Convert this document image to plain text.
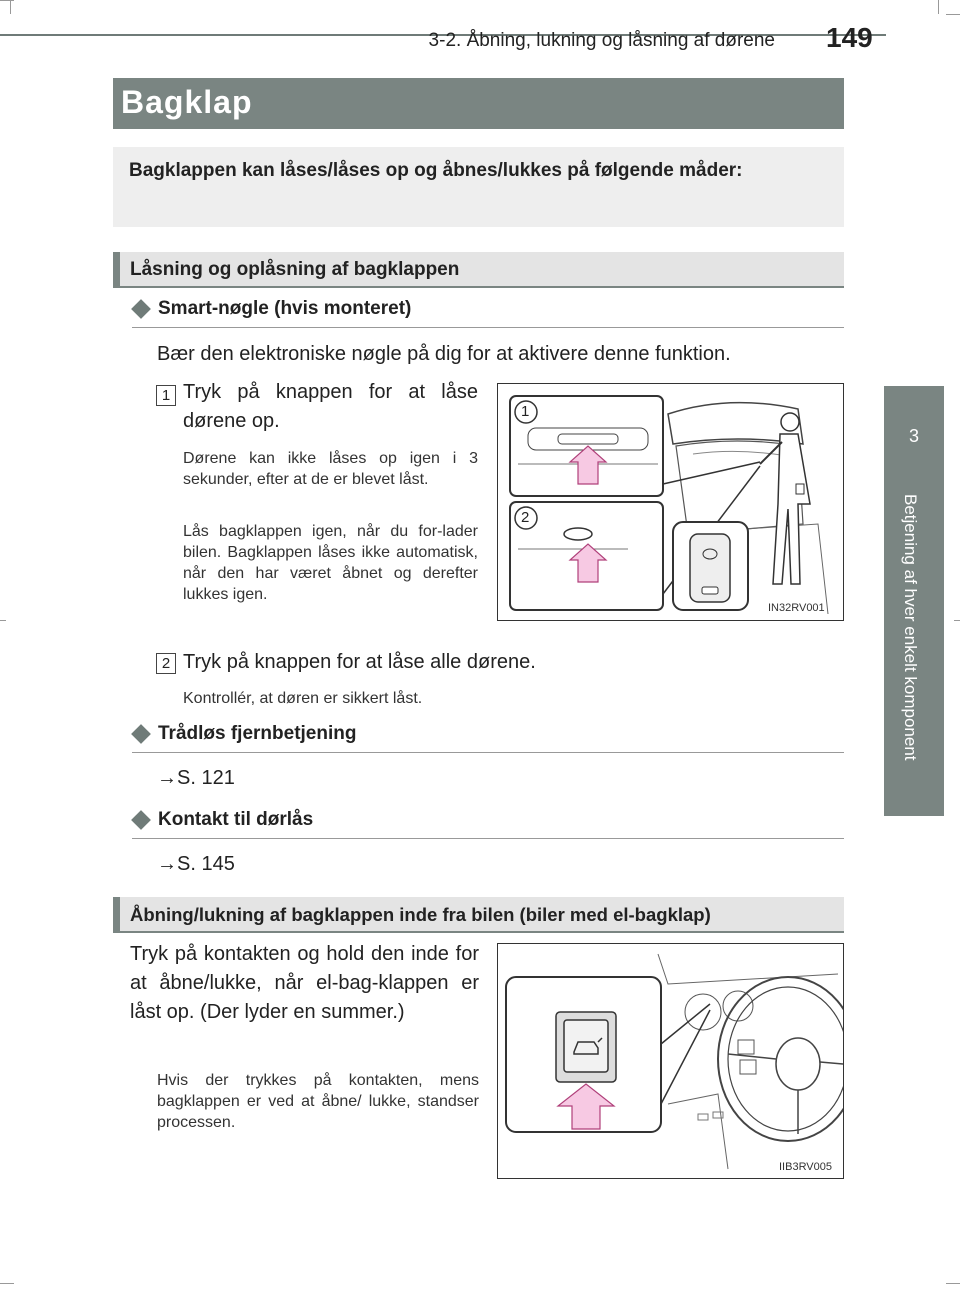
3-2. Åbning, lukning og låsning af dørene 149
3
Betjening af hver enkelt komponent
Bagklap
Bagklappen kan låses/låses op og åbnes/lukkes på følgende måder:
Låsning og oplåsning af bagklappen
Smart-nøgle (hvis monteret)
Bær den elektroniske nøgle på dig for at aktivere denne funktion.
1 Tryk på knappen for at låse
dørene op.
Dørene kan ikke låses op igen i 3 sekunder, efter at de er blevet låst.
Lås bagklappen igen, når du for-lader bilen. Bagklappen låses ikke automatisk, når den har været åbnet og derefter lukkes igen.
1
2
IN32RV001
2 Tryk på knappen for at låse alle dørene.
Kontrollér, at døren er sikkert låst.
Trådløs fjernbetjening
→S. 121
Kontakt til dørlås
→S. 145
Åbning/lukning af bagklappen inde fra bilen (biler med el-bagklap)
Tryk på kontakten og hold den inde for at åbne/lukke, når el-bag-klappen er låst op. (Der lyder en summer.)
Hvis der trykkes på kontakten, mens bagklappen er ved at åbne/ lukke, standser processen.
IIB3RV005
